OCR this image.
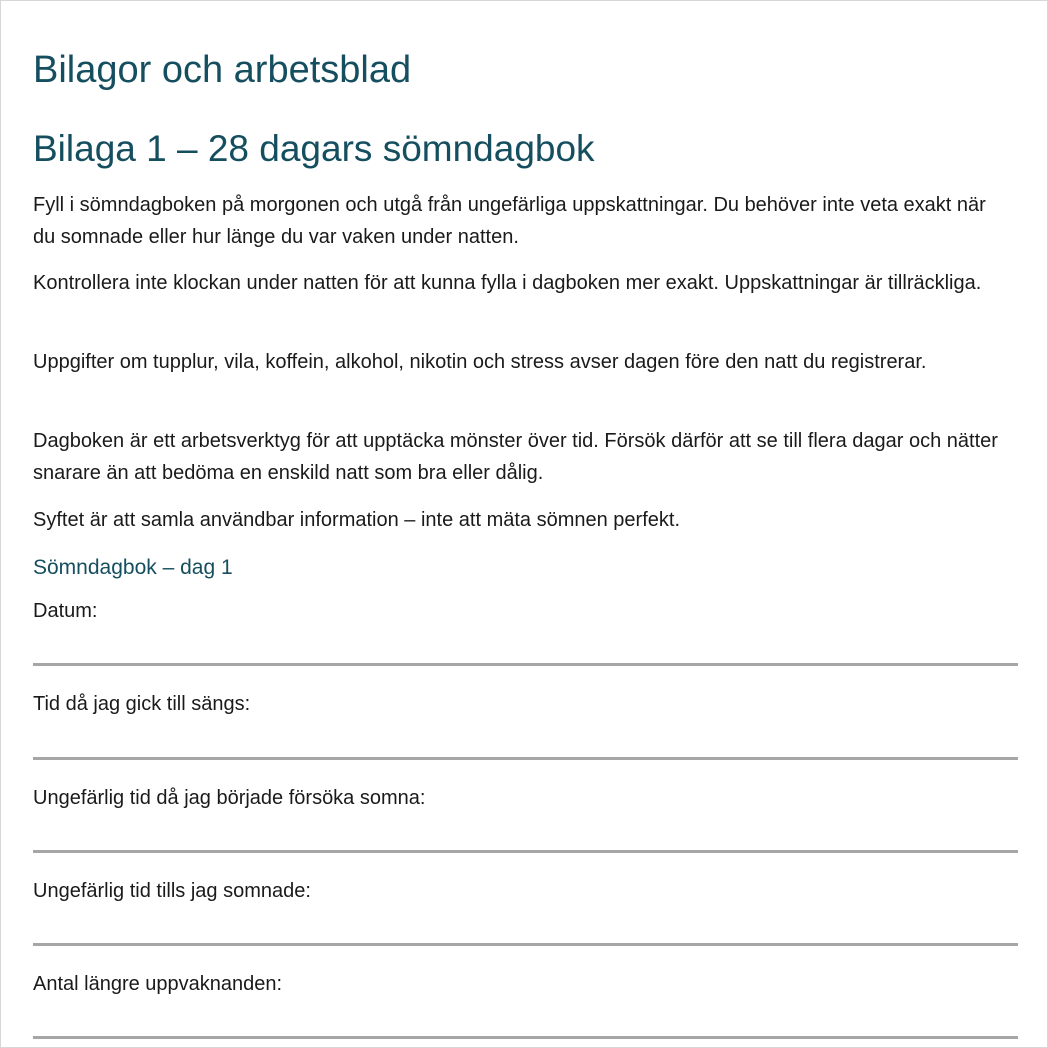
Bilagor och arbetsblad
Bilaga 1 – 28 dagars sömndagbok

Fyll i sömndagboken på morgonen och utgå från ungefärliga uppskattningar. Du behöver inte veta exakt när du somnade eller hur länge du var vaken under natten.

Kontrollera inte klockan under natten för att kunna fylla i dagboken mer exakt. Uppskattningar är tillräckliga.

Uppgifter om tupplur, vila, koffein, alkohol, nikotin och stress avser dagen före den natt du registrerar.

Dagboken är ett arbetsverktyg för att upptäcka mönster över tid. Försök därför att se till flera dagar och nätter snarare än att bedöma en enskild natt som bra eller dålig.

Syftet är att samla användbar information – inte att mäta sömnen perfekt.

Sömndagbok – dag 1

Datum:

Tid då jag gick till sängs:

Ungefärlig tid då jag började försöka somna:

Ungefärlig tid tills jag somnade:

Antal längre uppvaknanden:
